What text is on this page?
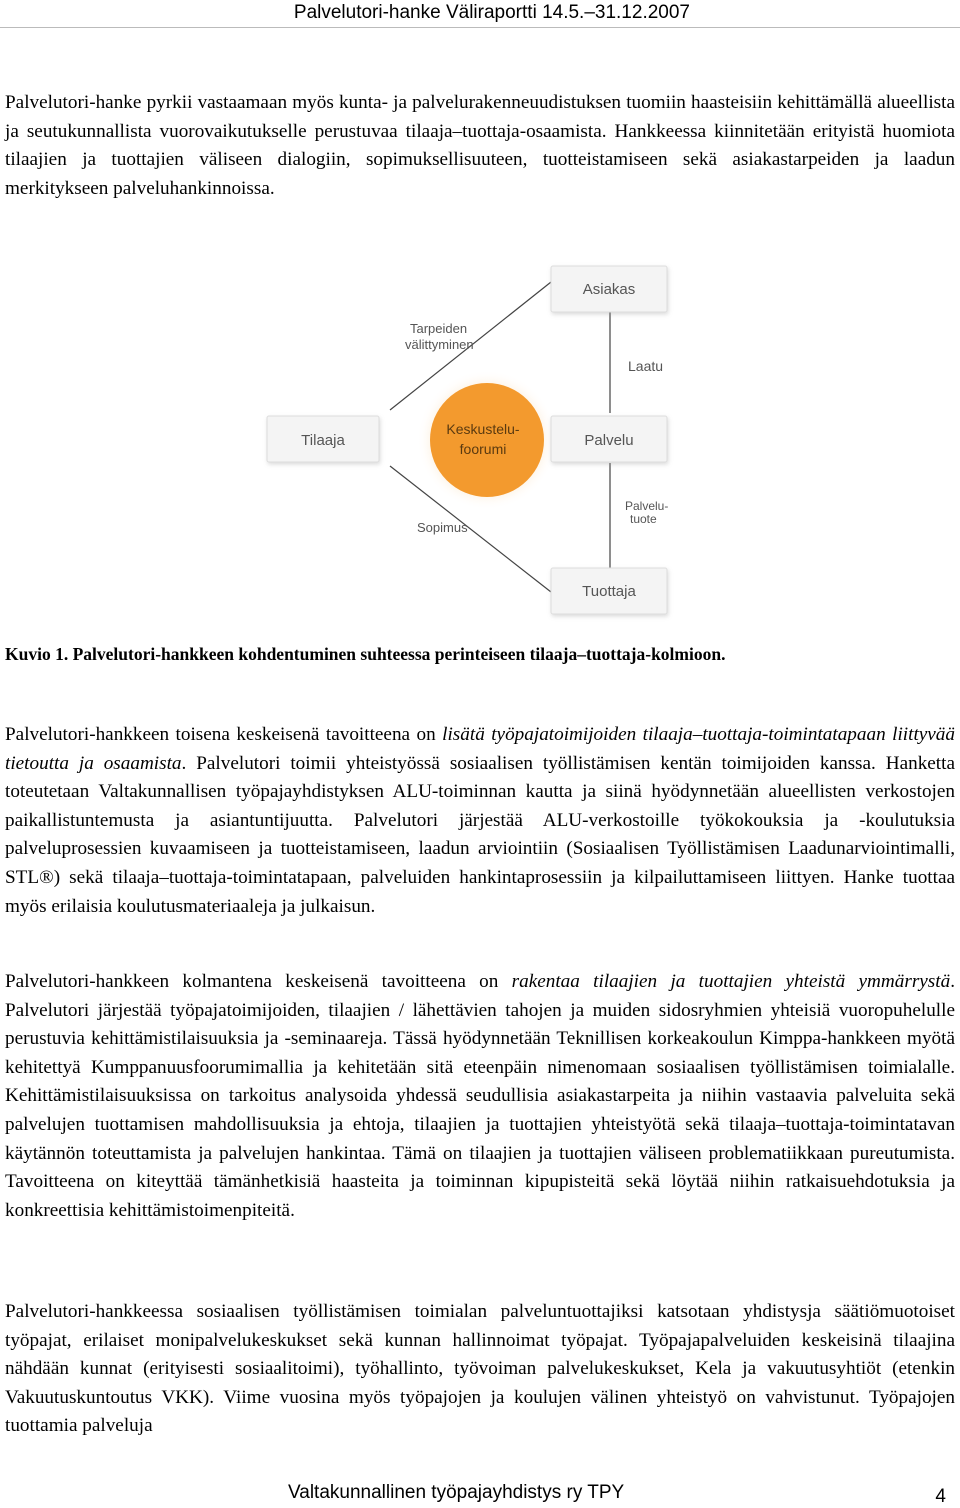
Palvelutori-hanke Väliraportti 14.5.–31.12.2007
Palvelutori-hanke pyrkii vastaamaan myös kunta- ja palvelurakenneuudistuksen tuomiin haasteisiin kehittämällä alueellista ja seutukunnallista vuorovaikutukselle perustuvaa tilaaja–tuottaja-osaamista. Hankkeessa kiinnitetään erityistä huomiota tilaajien ja tuottajien väliseen dialogiin, sopimuksellisuuteen, tuotteistamiseen sekä asiakastarpeiden ja laadun merkitykseen palveluhankinnoissa.
Asiakas
Tilaaja	Palvelu
Tuottaja
Keskustelu-
foorumi
Tarpeiden
välittyminen
Laatu
Sopimus
Palvelu-
tuote
Kuvio 1. Palvelutori-hankkeen kohdentuminen suhteessa perinteiseen tilaaja–tuottaja-kolmioon.
Palvelutori-hankkeen toisena keskeisenä tavoitteena on lisätä työpajatoimijoiden tilaaja–tuottaja-toimintatapaan liittyvää tietoutta ja osaamista. Palvelutori toimii yhteistyössä sosiaalisen työllistämisen kentän toimijoiden kanssa. Hanketta toteutetaan Valtakunnallisen työpajayhdistyksen ALU-toiminnan kautta ja siinä hyödynnetään alueellisten verkostojen paikallistuntemusta ja asiantuntijuutta. Palvelutori järjestää ALU-verkostoille työkokouksia ja -koulutuksia palveluprosessien kuvaamiseen ja tuotteistamiseen, laadun arviointiin (Sosiaalisen Työllistämisen Laadunarviointimalli, STL®) sekä tilaaja–tuottaja-toimintatapaan, palveluiden hankintaprosessiin ja kilpailuttamiseen liittyen. Hanke tuottaa myös erilaisia koulutusmateriaaleja ja julkaisun.
Palvelutori-hankkeen kolmantena keskeisenä tavoitteena on rakentaa tilaajien ja tuottajien yhteistä ymmärrystä. Palvelutori järjestää työpajatoimijoiden, tilaajien / lähettävien tahojen ja muiden sidosryhmien yhteisiä vuoropuhelulle perustuvia kehittämistilaisuuksia ja -seminaareja. Tässä hyödynnetään Teknillisen korkeakoulun Kimppa-hankkeen myötä kehitettyä Kumppanuusfoorumimallia ja kehitetään sitä eteenpäin nimenomaan sosiaalisen työllistämisen toimialalle. Kehittämistilaisuuksissa on tarkoitus analysoida yhdessä seudullisia asiakastarpeita ja niihin vastaavia palveluita sekä palvelujen tuottamisen mahdollisuuksia ja ehtoja, tilaajien ja tuottajien yhteistyötä sekä tilaaja–tuottaja-toimintatavan käytännön toteuttamista ja palvelujen hankintaa. Tämä on tilaajien ja tuottajien väliseen problematiikkaan pureutumista. Tavoitteena on kiteyttää tämänhetkisiä haasteita ja toiminnan kipupisteitä sekä löytää niihin ratkaisuehdotuksia ja konkreettisia kehittämistoimenpiteitä.
Palvelutori-hankkeessa sosiaalisen työllistämisen toimialan palveluntuottajiksi katsotaan yhdistysja säätiömuotoiset työpajat, erilaiset monipalvelukeskukset sekä kunnan hallinnoimat työpajat. Työpajapalveluiden keskeisinä tilaajina nähdään kunnat (erityisesti sosiaalitoimi), työhallinto, työvoiman palvelukeskukset, Kela ja vakuutusyhtiöt (etenkin Vakuutuskuntoutus VKK). Viime vuosina myös työpajojen ja koulujen välinen yhteistyö on vahvistunut. Työpajojen tuottamia palveluja
Valtakunnallinen työpajayhdistys ry TPY	4
